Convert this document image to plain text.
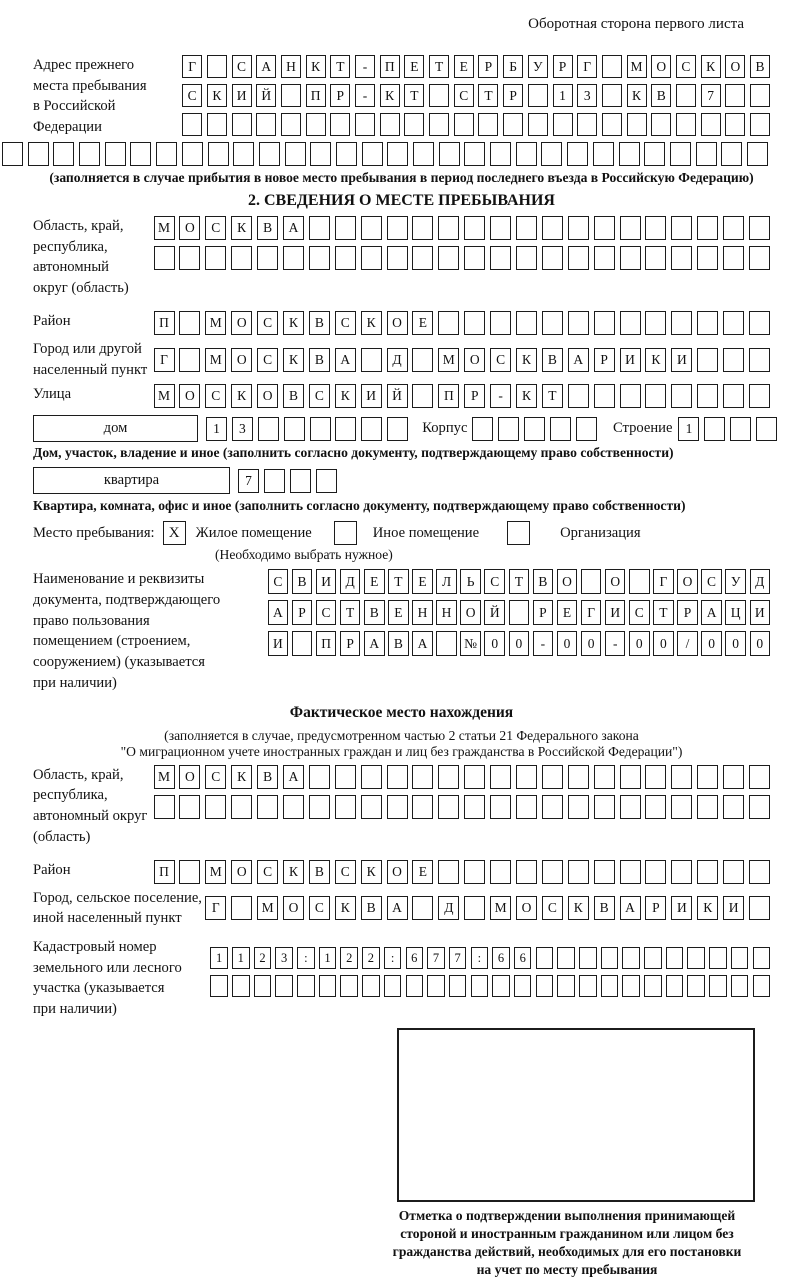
Оборотная сторона первого листа
Адрес прежнего
места пребывания
в Российской
Федерации
Г	С	А	Н	К	Т	-	П	Е	Т	Е	Р	Б	У	Р	Г	М	О	С	К	О	В
С	К	И	Й	П	Р	-	К	Т	С	Т	Р	1	3	К	В	7
(заполняется в случае прибытия в новое место пребывания в период последнего въезда в Российскую Федерацию)
2. СВЕДЕНИЯ О МЕСТЕ ПРЕБЫВАНИЯ
Область, край,
республика,
автономный
округ (область)
М	О	С	К	В	А
Район	П	М	О	С	К	В	С	К	О	Е
Город или другой
населенный пункт
Г	М	О	С	К	В	А	Д	М	О	С	К	В	А	Р	И	К	И
Улица	М	О	С	К	О	В	С	К	И	Й	П	Р	-	К	Т
дом	1	3	Корпус	Строение 1
Дом, участок, владение и иное (заполнить согласно документу, подтверждающему право собственности)
квартира	7
Квартира, комната, офис и иное (заполнить согласно документу, подтверждающему право собственности)
Место пребывания: X	Жилое помещение	Иное помещение	Организация
(Необходимо выбрать нужное)
Наименование и реквизиты
документа, подтверждающего
право пользования
помещением (строением,
сооружением) (указывается
при наличии)
С	В	И	Д	Е	Т	Е	Л	Ь	С	Т	В	О	О	Г	О	С	У	Д
А	Р	С	Т	В	Е	Н	Н	О	Й	Р	Е	Г	И	С	Т	Р	А	Ц	И
И	П	Р	А	В	А	№	0	0	-	0	0	-	0	0	/	0	0	0
Фактическое место нахождения
(заполняется в случае, предусмотренном частью 2 статьи 21 Федерального закона
"О миграционном учете иностранных граждан и лиц без гражданства в Российской Федерации")
Область, край,
республика,
автономный округ
(область)
М	О	С	К	В	А
Район	П	М	О	С	К	В	С	К	О	Е
Город, сельское поселение,
иной населенный пункт
Г	М	О	С	К	В	А	Д	М	О	С	К	В	А	Р	И	К	И
Кадастровый номер
земельного или лесного
участка (указывается
при наличии)
1	1	2	3	:	1	2	2	:	6	7	7	:	6	6
Отметка о подтверждении выполнения принимающей
стороной и иностранным гражданином или лицом без
гражданства действий, необходимых для его постановки
на учет по месту пребывания
